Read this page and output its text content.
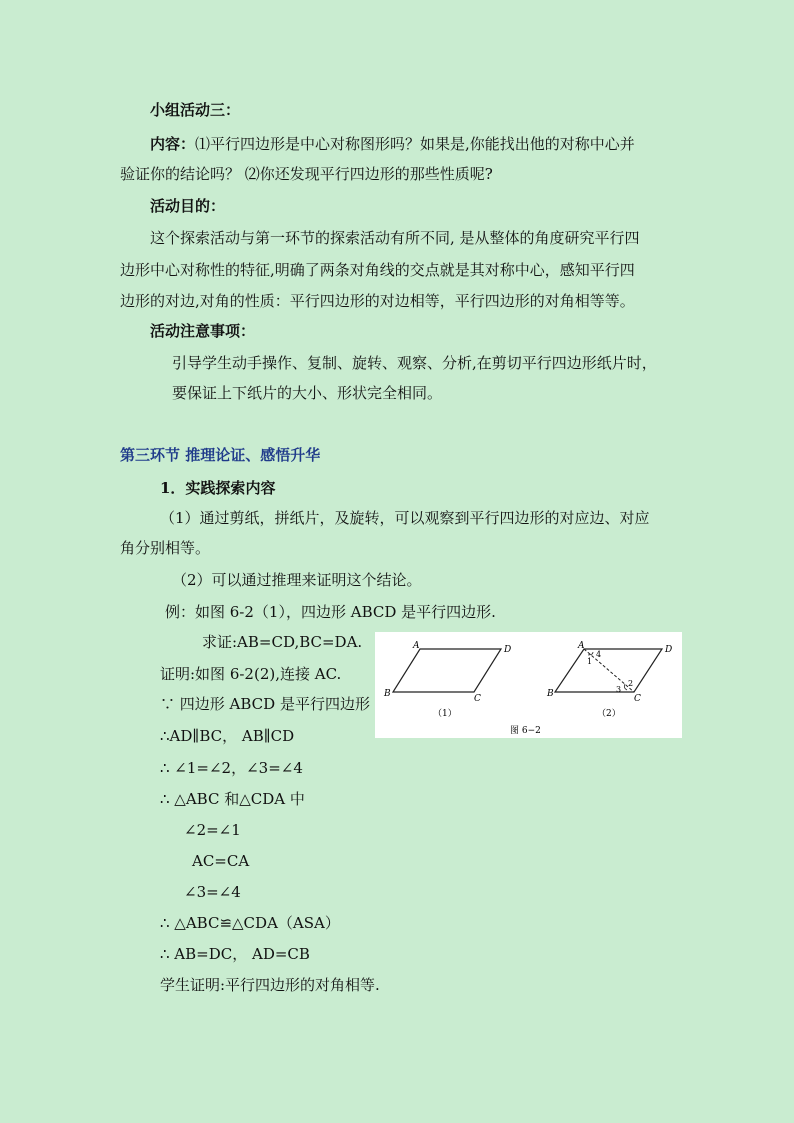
小组活动三：
内容：⑴平行四边形是中心对称图形吗？如果是,你能找出他的对称中心并
验证你的结论吗？ ⑵你还发现平行四边形的那些性质呢?
活动目的：
这个探索活动与第一环节的探索活动有所不同, 是从整体的角度研究平行四
边形中心对称性的特征,明确了两条对角线的交点就是其对称中心，感知平行四
边形的对边,对角的性质：平行四边形的对边相等，平行四边形的对角相等等。
活动注意事项：
引导学生动手操作、复制、旋转、观察、分析,在剪切平行四边形纸片时，
要保证上下纸片的大小、形状完全相同。
第三环节 推理论证、感悟升华
1．实践探索内容
（1）通过剪纸，拼纸片，及旋转，可以观察到平行四边形的对应边、对应
角分别相等。
（2）可以通过推理来证明这个结论。
例：如图 6-2（1），四边形 ABCD 是平行四边形.
求证:AB=CD,BC=DA.
证明:如图 6-2(2),连接 AC.
∵ 四边形 ABCD 是平行四边形
∴AD∥BC， AB∥CD
∴ ∠1=∠2，∠3=∠4
∴ △ABC 和△CDA 中
∠2=∠1
AC=CA
∠3=∠4
∴ △ABC≌△CDA（ASA）
∴ AB=DC， AD=CB
学生证明:平行四边形的对角相等.
A	D
B	C
（1）
A	D
B	C
1
4
2
3
（2）
图 6−2
